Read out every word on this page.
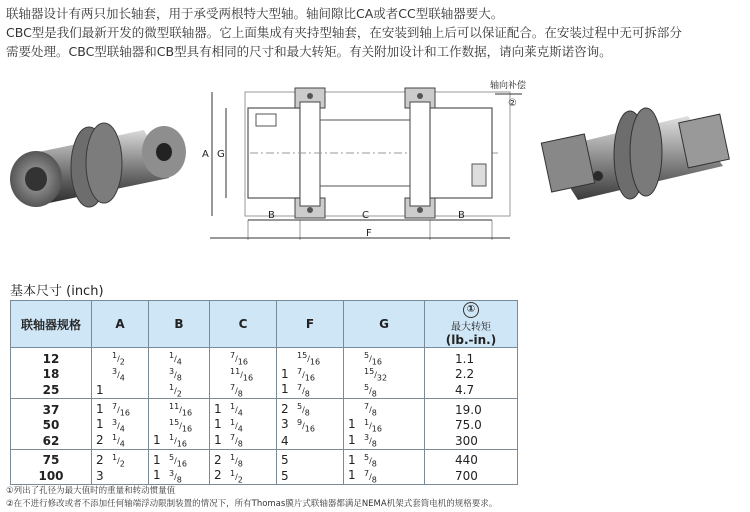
联轴器设计有两只加长轴套，用于承受两根特大型轴。轴间隙比CA或者CC型联轴器要大。

CBC型是我们最新开发的微型联轴器。它上面集成有夹持型轴套，在安装到轴上后可以保证配合。在安装过程中无可拆部分

需要处理。CBC型联轴器和CB型具有相同的尺寸和最大转矩。有关附加设计和工作数据，请向莱克斯诺咨询。

A G
B	C	B
F
轴向补偿
②
基本尺寸 (inch)
联轴器规格	A	B	C	F	G	①
最大转矩
(lb.-in.)

12	$^1/_2$	$^1/_4$	$^7/_{16}$	$^{15}/_{16}$	$^5/_{16}$	1.1
18	$^3/_4$	$^3/_8$	$^{11}/_{16}$	1 $^7/_{16}$	$^{15}/_{32}$	2.2
25	1	$^1/_2$	$^7/_8$	1 $^7/_8$	$^5/_8$	4.7
37	1 $^7/_{16}$	$^{11}/_{16}$	1 $^1/_4$	2 $^5/_8$	$^7/_8$	19.0
50	1 $^3/_4$	$^{15}/_{16}$	1 $^1/_4$	3 $^9/_{16}$	1 $^1/_{16}$	75.0
62	2 $^1/_4$	1 $^1/_{16}$	1 $^7/_8$	4	1 $^3/_8$	300
75	2 $^1/_2$	1 $^5/_{16}$	2 $^1/_8$	5	1 $^5/_8$	440
100	3	1 $^3/_8$	2 $^1/_2$	5	1 $^7/_8$	700
①列出了孔径为最大值时的重量和转动惯量值
②在不进行修改或者不添加任何轴端浮动限制装置的情况下，所有Thomas膜片式联轴器都满足NEMA机架式套筒电机的规格要求。
